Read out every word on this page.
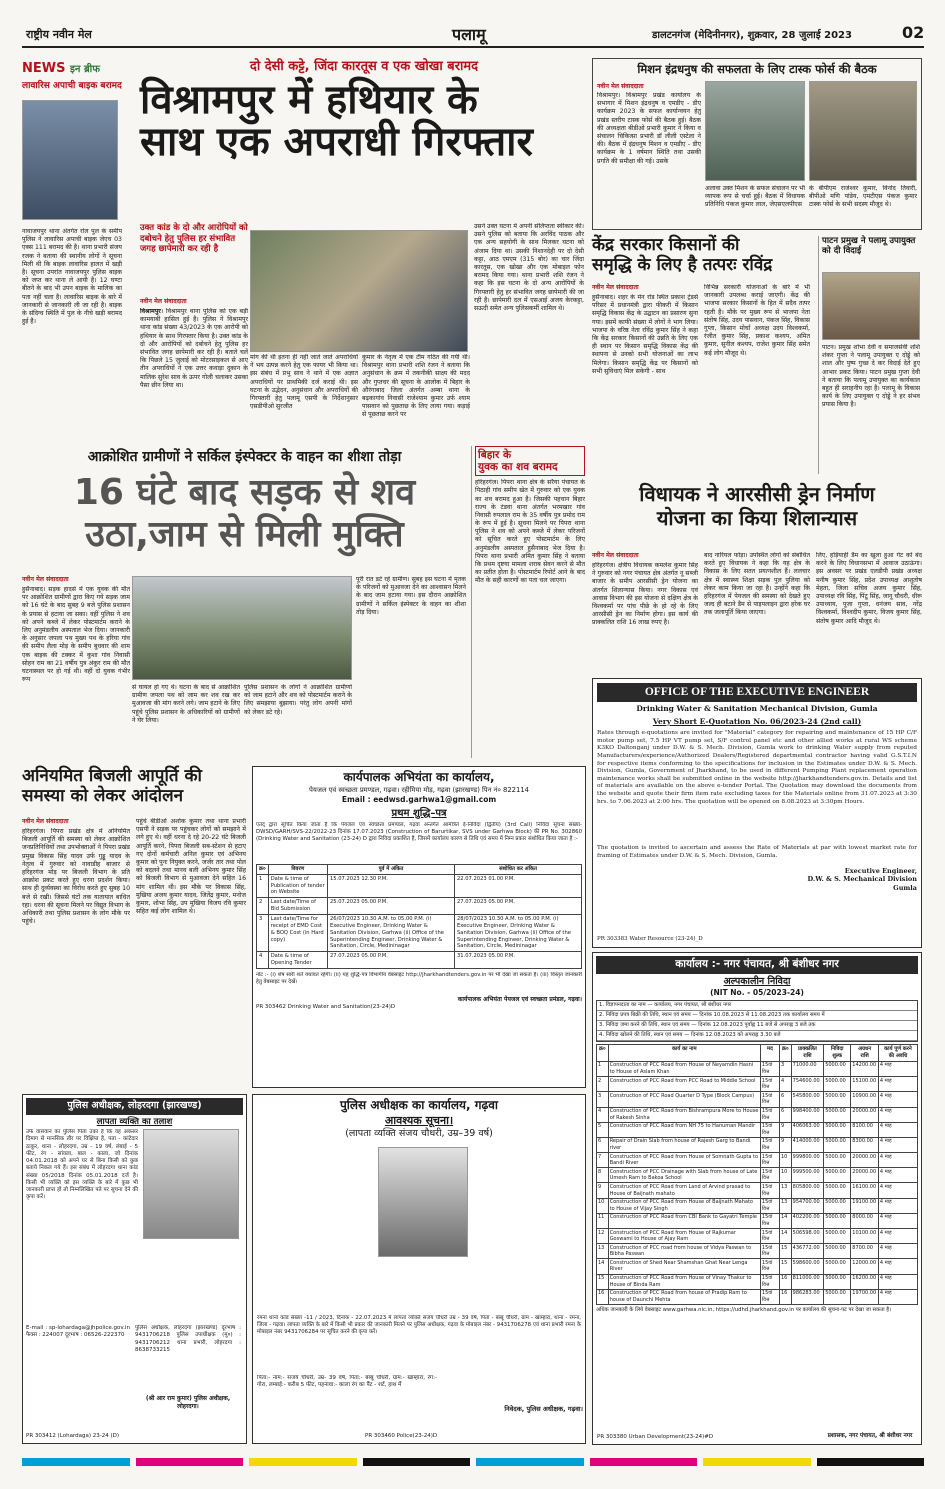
राष्ट्रीय नवीन मेल	पलामू	डालटनगंज (मेदिनीनगर), शुक्रवार, 28 जुलाई 2023	02
NEWS इन ब्रीफ
लावारिस अपाची बाइक बरामद
नावाजयपुर थाना अंतर्गत रोल पुल के समीप पुलिस ने लावारिस अपाची बाइक जेएच 03 एक्स 111 बरामद की है। थाना प्रभारी संजय रजक ने बताया की स्थानीय लोगों ने सूचना मिली थी कि बाइक लावारिस हालत में खड़ी है। सूचना उपरांत नावाजयपुर पुलिस बाइक को जप्त कर थाना ले आयी है। 12 घण्टा बीतने के बाद भी उपन बाइक के मालिक का पता नहीं चला है। लावारिस बाइक के बारे में जानकारी से जानकारी ली जा रही है। बाइक के संदिग्ध स्थिति में पुल के नीचे खड़ी बरामद हुई है।
दो देसी कट्टे, जिंदा कारतूस व एक खोखा बरामद
विश्रामपुर में हथियार के
साथ एक अपराधी गिरफ्तार
उक्त कांड के दो और आरोपियों को दबोचने हेतु पुलिस हर संभावित जगह छापेमारी कर रही है
नवीन मेल संवाददाता
विश्रामपुर। विश्रामपुर थाना पुलिस को एक बड़ी कामयाबी हासिल हुई है। पुलिस ने विश्रामपुर थाना कांड संख्या 43/2023 के एक आरोपी को हथियार के साथ गिरफ्तार किया है। उक्त कांड के दो और आरोपियों को दबोचने हेतु पुलिस हर संभावित जगह छापेमारी कर रही है। बताते चलें कि पिछले 15 जुलाई को मोटरसाइकल से आए तीन अपराधियों ने एक उत्तर कवाड़ा दुकान के मालिक सुरेश साव के ऊपर गोली चलाकर उसका पैसा छीन लिया था।
मांग की थी इतना ही नहीं जाते जाते अपराधियों ने भय उत्पन्न करने हेतु एक फायर भी किया था। इस संबंध में प्रभु साव ने थाने में एक अज्ञात अपराधियों पर प्राथमिकी दर्ज कराई थी। इस घटना के उद्भेदन, अनुसंधान और अपराधियों की गिरफ्तारी हेतु पलामू एसपी के निर्देशानुसार एसडीपीओ सुरजीत
कुमार के नेतृत्व में एक टीम गठित की गयी थी। विश्रामपुर थाना प्रभारी शशि रंजन ने बताया कि अनुसंधान के क्रम में तकनीकी साक्ष्य की मदद और गुप्तचर की सूचना के आलोक में बिहार के औरंगाबाद जिला अंतर्गत अम्बा थाना के बढ़कागांव निवासी राजेश्याम कुमार उर्फ श्याम पासवान को पुछताछ के लिए लाया गया। कड़ाई से पूछताछ करने पर
उसने उक्त घटना में अपनी संलिप्तता स्वीकार की। उसने पुलिस को बताया कि अरविंद पाठक और एक अन्य सहयोगी के साथ मिलकर घटना को अंजाम दिया था। उसकी निशानदेही पर दो देसी कट्टा, आठ एमएम (315 बोर) का चार जिंदा कारतूस, एक खोखा और एक मोबाइल फोन बरामद किया गया। थाना प्रभारी शशि रंजन ने कहा कि इस घटना के दो अन्य आरोपियों के गिरफ्तारी हेतु हर संभावित जगह छापेमारी की जा रही है। छापेमारी दल में एसआई अजय केरकट्टा, सऊदी समेत अन्य पुलिसकर्मी शामिल थे।
मिशन इंद्रधनुष की सफलता के लिए टास्क फोर्स की बैठक
नवीन मेल संवाददाता
विश्रामपुर। विश्रामपुर प्रखंड कार्यालय के सभागार में मिशन इंद्रधनुष व एमडीए - डीए कार्यक्रम 2023 के सफल कार्यान्वयन हेतु प्रखंड स्तरीय टास्क फोर्स की बैठक हुई। बैठक की अध्यक्षता बीडीओ प्रभारी कुमार ने किया व संचालन चिकित्सा प्रभारी डॉ लीली एस्टेला ने की। बैठक में इंद्रधनुष मिशन व एमडीए - डीए कार्यक्रम के 1 वर्षमान स्थिति तथा उसकी प्रगति की समीक्षा की गई। उसके
अलावा उक्त मिशन के सफल संचालन पर भी व्यापक रूप से चर्चा हुई। बैठक में विधायक प्रतिनिधि पंकज कुमार लाल, जेएसएलपीएस
के बीपीएम राजेश्वर कुमार, विनोद तिवारी, बीपीओ मणि पांडेय, एमटीएस पंकज कुमार टास्क फोर्स के सभी सदस्य मौजूद थे।
केंद्र सरकार किसानों की
समृद्धि के लिए है तत्परः रविंद्र
नवीन मेल संवाददाता
हुसैनाबाद। शहर के मेन रोड स्थित प्रकाश ट्रेडर्स परिसर में प्रधानमंत्री द्वारा फीकरी में किसान समृद्धि विकास केंद्र के उद्घाटन का प्रसारण सुना गया। इसमें काफी संख्या में लोगों ने भाग लिया। भाजपा के वरिष्ठ नेता रविंद्र कुमार सिंह ने कहा कि केंद्र सरकार किसानों की उन्नति के लिए एक ही स्थान पर किसान समृद्धि विकास केंद्र की स्थापना से उनको सभी योजनाओं का लाभ मिलेगा। किसान समृद्धि केंद्र पर किसानों को सभी सुविधाएं मिल सकेगी - साथ
विभिन्न सरकारी योजनाओं के बारे में भी जानकारी उपलब्ध कराई जाएगी। केंद्र की भाजपा सरकार किसानों के हित में सदैव तत्पर रहती है। मौके पर मुख्य रूप से भाजपा नेता संतोष सिंह, उदय पासवान, पंकज सिंह, विकास गुप्ता, किसान मोर्चा अध्यक्ष उदय विश्वकर्मा, रंजीत कुमार सिंह, प्रकाश कश्यप, अमित कुमार, सुनील कश्यप, राजेश कुमार सिंह समेत कई लोग मौजूद थे।
पाटन प्रमुख ने पलामू उपायुक्त को दी विदाई
पाटन। प्रमुख शोभा देवी व समाजसेवी शशि शंकर गुप्ता ने पलामू उपायुक्त ए दोड्डे को शाल और पुष्प गुच्छ दे कर विदाई देते हुए आभार प्रकट किया। पाटन प्रमुख गुप्ता देवी ने बताया कि पलामू उपायुक्त का कार्यकाल बहुत ही सराहनीय रहा है। पलामू के विकास कार्य के लिए उपायुक्त ए दोड्डे ने हर संभव प्रयास किया है।
आक्रोशित ग्रामीणों ने सर्किल इंस्पेक्टर के वाहन का शीशा तोड़ा
16 घंटे बाद सड़क से शव
उठा,जाम से मिली मुक्ति
नवीन मेल संवाददाता
हुसैनाबाद। सड़क हादसे में एक युवक की मौत पर आक्रोशित ग्रामीणों द्वारा किए गये सड़क जाम को 16 घंटे के बाद सुबह 9 बजे पुलिस प्रशासन के प्रयास से हटाया जा सका। वहीं पुलिस ने शव को अपने कब्जे में लेकर पोस्टमार्टम कराने के लिए अनुमंडलीय अस्पताल भेज दिया। जानकारी के अनुसार जपला पथ मुख्य पथ के हरिया गांव की समीप लैला मोड़ के समीप बुधवार की शाम एक बाइक की टक्कर में कुशा गांव निवासी सोहन राम का 21 वर्षीय पुत्र अंकुर राम की मौत घटनास्थल पर हो गई थी। वहीं दो युवक गंभीर रूप
से घायल हो गए थे। घटना के बाद से आक्रोशित ग्रामीण जपला पथ को जाम कर शव रख कर मुआवजा की मांग करने लगे। जाम हटाने के लिए पहुंचे पुलिस प्रशासन के अधिकारियों को ग्रामीणों ने घेर लिया।
पुलिस प्रशासन के लोगों ने आक्रोशित ग्रामीणों को जाम हटाने और शव को पोस्टमार्टम कराने के लिए समझाया बुझाया। परंतु लोग अपनी मांगों को लेकर डटे रहे।
पूरी रात डटे रहे ग्रामीण। सुबह इस घटना में मृतक के परिजनों को मुआवजा देने का आश्वासन मिलने के बाद जाम हटाया गया। इस दौरान आक्रोशित ग्रामीणों ने सर्किल इंस्पेक्टर के वाहन का शीशा तोड़ दिया।
बिहार के
युवक का शव बरामद
हरिहरगंज। पिपरा थाना क्षेत्र के सरैया पंचायत के पिठाही गांव समीप खेत में गुरुवार को एक युवक का शव बरामद हुआ है। जिसकी पहचान बिहार राज्य के टंडवा थाना अंतर्गत भरमखार गांव निवासी रुपलाल राम के 35 वर्षीय पुत्र प्रमोद राम के रूप में हुई है। सूचना मिलने पर पिपरा थाना पुलिस ने शव को अपने कब्जे में लेकर परिजनों को सूचित करते हुए पोस्टमार्टम के लिए अनुमंडलीय अस्पताल हुसैनाबाद भेज दिया है। पिपरा थाना प्रभारी अमित कुमार सिंह ने बताया कि प्रथम दृष्टया मामला शराब सेवन करने से मौत का प्रतीत होता है। पोस्टमार्टम रिपोर्ट आने के बाद मौत के सही कारणों का पता चल जाएगा।
विधायक ने आरसीसी ड्रेन निर्माण
योजना का किया शिलान्यास
नवीन मेल संवाददाता
हरिहरगंज। क्षेत्रीय विधायक कमलेश कुमार सिंह ने गुरुवार को नगर पंचायत क्षेत्र अंतर्गत नू सब्जी बाजार के समीप आरसीसी ड्रेन योजना का अंतर्गत शिलान्यास किया। नगर विकास एवं आवास विभाग की इस योजना से दक्षिण क्षेत्र के विश्वकर्मा पर पांच पीछे के हो रहे के लिए आरसीसी ड्रेन का निर्माण होगा। इस कार्य की प्राक्कलित राशि 16 लाख रुपए है।
बाद नारियल फोड़ा। उपस्थित लोगों को संबोधित करते हुए विधायक ने कहा कि यह क्षेत्र के विकास के लिए सतत प्रयत्नशील हैं। ललचार क्षेत्र में स्वास्थ्य शिक्षा सड़क पुल पुलिया को लेकर काम किया जा रहा है। उन्होंने कहा कि हरिहरगंज में पेयजल की समस्या को देखते हुए जल्द ही बटाने डैम से पाइपलाइन द्वारा हरेक घर तक जलापूर्ति किया जाएगा।
लिए, हड़ियाही डैम का खुला हुआ गेट को बंद करने के लिए विधानसभा में आवाज उठाऊंगा। इस अवसर पर प्रखंड एलडीपी प्रखंड अध्यक्ष मनीष कुमार सिंह, प्रदेश उपाध्यक्ष आशुतोष मेहता, जिला सचिव अजय कुमार सिंह, उपाध्यक्ष रवि सिंह, पिंटू सिंह, जानू चौधरी, धीरू उपाध्याय, पूजा गुप्ता, धनंजय साव, नरेंद्र विश्वकर्मा, विश्वदीप कुमार, विजय कुमार सिंह, संतोष कुमार आदि मौजूद थे।
OFFICE OF THE EXECUTIVE ENGINEER
Drinking Water & Sanitation Mechanical Division, Gumla
Very Short E-Quotation No. 06/2023-24 (2nd call)
Rates through e-quotations are invited for "Material" category for repairing and maintenance of 15 HP C/F motor pump set, 7.5 HP VT pump set, S/F control panel etc and other allied works at rural WS scheme K3KO Daltonganj under D.W. & S. Mech. Division, Gumla work to drinking Water supply from reputed Manufacturers/experience/Authorized Dealers/Registered departmental contractor having valid G.S.T.I.N for respective items conforming to the specifications for inclusion in the Estimates under D.W. & S. Mech. Division, Gumla, Government of Jharkhand, to be used in different Pumping Plant replacement operation maintenance works shall be submitted online in the website http://jharkhandtenders.gov.in. Details and list of materials are available on the above e-tender Portal. The Quotation may download the documents from the website and quote their firm item rate excluding taxes for the Materials online from 31.07.2023 at 3:30 hrs. to 7.06.2023 at 2:00 hrs. The quotation will be opened on 8.08.2023 at 3:30pm Hours.
The quotation is invited to ascertain and assess the Rate of Materials at par with lowest market rate for framing of Estimates under D.W. & S. Mech. Division, Gumla.
Executive Engineer,
D.W. & S. Mechanical Division
Gumla
PR 303383 Water Resource (23-24)_D
अनियमित बिजली आपूर्ति की
समस्या को लेकर आंदोलन
नवीन मेल संवाददाता
हरिहरगंज। पिपरा प्रखंड क्षेत्र में अनियमित बिजली आपूर्ति की समस्या को लेकर आक्रोशित जनप्रतिनिधियों तथा उपभोक्ताओं ने पिपरा प्रखंड प्रमुख विकास सिंह यादव उर्फ गुड्डू यादव के नेतृत्व में गुरुवार को नावाडीह बाजार से हरिहरगंज मोड़ पर बिजली विभाग के प्रति आक्रोश प्रकट करते हुए धरना प्रदर्शन किया। साथ ही दुर्व्यवस्था का विरोध करते हुए सुबह 10 बजे से रखी। जिससे घंटों तक यातायात बाधित रहा। धरना की सूचना मिलने पर विद्युत विभाग के अधिकारी तथा पुलिस प्रशासन के लोग मौके पर पहुंचे।
पहुंचे बीडीओ अशोक कुमार तथा थाना प्रभारी एसपी ने सड़क पर पहुंचकर लोगों को समझाने में लगे हुए थे। वहीं धरना दे रहे 20-22 घंटे बिजली आपूर्ति करने, पिपरा बिजली सब-स्टेशन से हटाए गए दोनों कर्मचारी अनिल कुमार एवं अभिनय कुमार को पुनः नियुक्त करने, जर्जर तार तथा पोल को बदलने तथा मानव बली अभिनय कुमार सिंह को बिजली विभाग से मुआवजा देने सहित 16 मांग शामिल थी। इस मौके पर विकास सिंह, मुखिया अजय कुमार यादव, जितेंद्र कुमार, मनोज कुमार, शोभा सिंह, उप मुखिया विजय रवि कुमार सहित कई लोग शामिल थे।
कार्यपालक अभियंता का कार्यालय,
पेयजल एवं स्वच्छता प्रमण्डल, गढ़वा। रहीमिया मोड़, गढ़वा (झारखण्ड) पिन नं० 822114
Email : eedwsd.garhwa1@gmail.com
प्रथम शुद्धि–पत्र
एतद् द्वारा सूचित किया जाता है कि पेयजल एवं स्वच्छता प्रमण्डल, गढ़वा अन्तर्गत आमंत्रित ई-निविदा (द्वितीय) (3rd Call) निविदा सूचना संख्या-DWSD/GARH/SVS-22/2022-23 दिनांक 17.07.2023 (Construction of Barurtikar, SVS under Garhwa Block) की PR No. 302860 (Drinking Water and Sanitation (23-24) D द्वारा निविदा प्रकाशित है, जिसमें कार्यालय कारण से तिथि एवं समय में निम्न प्रकार संशोधित किया जाता है :-
क्र०	विवरण	पूर्व में अंकित	संशोधित कर अंकित
1	Date & time of Publication of tender on Website	15.07.2023 12.30 P.M.	22.07.2023 01.00 P.M.
2	Last date/Time of Bid Submission	25.07.2023 05.00 P.M.	27.07.2023 05.00 P.M.
3	Last date/Time for receipt of EMD Cost & BOQ Cost (in Hard copy)	26/07/2023 10.30 A.M. to 05.00 P.M. (i) Executive Engineer, Drinking Water & Sanitation Division, Garhwa (ii) Office of the Superintending Engineer, Drinking Water & Sanitation, Circle, Medininagar	28/07/2023 10.30 A.M. to 05.00 P.M. (i) Executive Engineer, Drinking Water & Sanitation Division, Garhwa (ii) Office of the Superintending Engineer, Drinking Water & Sanitation, Circle, Medininagar
4	Date & time of Opening Tender	27.07.2023 05.00 P.M.	31.07.2023 05.00 P.M.
नोट :- (i) शेष सारी शर्तें यथावत रहेगी। (ii) यह शुद्धि-पत्र विभागीय वेबसाइट http://jharkhandtenders.gov.in पर भी देखा जा सकता है। (iii) विस्तृत जानकारी हेतु वेबसाइट पर देखें।
कार्यपालक अभियंता पेयजल एवं स्वच्छता प्रमंडल, गढ़वा।
PR 303462 Drinking Water and Sanitation(23-24)D
कार्यालय :- नगर पंचायत, श्री बंशीधर नगर
अल्पकालीन निविदा
(NIT No. - 05/2023-24)
1. विज्ञापनदाता का नाम — कार्यालय, नगर पंचायत, श्री बंशीधर नगर
2. निविदा प्रपत्र बिक्री की तिथि, स्थान एवं समय — दिनांक 10.08.2023 से 11.08.2023 तक कार्यालय समय में
3. निविदा जमा करने की तिथि, स्थान एवं समय — दिनांक 12.08.2023 पूर्वाह्न 11 बजे से अपराह्न 3 बजे तक
4. निविदा खोलने की तिथि, स्थान एवं समय — दिनांक 12.08.2023 को अपराह्न 3.30 बजे
क्र०	कार्य का नाम	मद	क्र०	प्राक्कलित राशि	निविदा शुल्क	अग्रधन राशि	कार्य पूर्ण करने की अवधि
1	Construction of PCC Road from House of Neyamdin Hasni to House of Aslam Khan	15वां वित्त	3	71000.00	5000.00	14200.00	4 माह
2	Construction of PCC Road from PCC Road to Middle School	15वां वित्त	4	754600.00	5000.00	15100.00	4 माह
3	Construction of PCC Road Quarter D Type (Block Campus)	15वां वित्त	6	545800.00	5000.00	10900.00	4 माह
4	Construction of PCC Road from Bishrampura More to House of Rakesh Sinha	15वां वित्त	6	998400.00	5000.00	20000.00	4 माह
5	Construction of PCC Road from NH 75 to Hanuman Mandir	15वां वित्त	9	406063.00	5000.00	8100.00	4 माह
6	Repair of Drain Slab from house of Rajesh Garg to Bandi river	15वां वित्त	9	414000.00	5000.00	8300.00	4 माह
7	Construction of PCC Road from House of Somnath Gupta to Bandi River	15वां वित्त	10	999800.00	5000.00	20000.00	4 माह
8	Construction of PCC Drainage with Slab from house of Late Umesh Ram to Bakoa School	15वां वित्त	10	999500.00	5000.00	20000.00	4 माह
9	Construction of PCC Road from Land of Arvind prasad to House of Baijnath mahato	15वां वित्त	13	805800.00	5000.00	16100.00	4 माह
10	Construction of PCC Road from House of Baijnath Mahato to House of Vijay Singh	15वां वित्त	13	954700.00	5000.00	19100.00	4 माह
11	Construction of PCC Road from CBI Bank to Gayatri Temple	15वां वित्त	14	402200.00	5000.00	8000.00	4 माह
12	Construction of PCC Road from House of Rajkumar Goswami to House of Ajay Ram	15वां वित्त	14	506598.00	5000.00	10100.00	4 माह
13	Construction of PCC road from house of Vidya Paswan to Bibha Paswan	15वां वित्त	15	436772.00	5000.00	8700.00	4 माह
14	Construction of Shed Near Shamshan Ghat Near Lenga River	15वां वित्त	15	598600.00	5000.00	12000.00	4 माह
15	Construction of PCC Road from House of Vinay Thakur to House of Binda Ram	15वां वित्त	16	811000.00	5000.00	16200.00	4 माह
16	Construction of PCC Road from house of Pradip Ram to house of Daunchi Mehta	15वां वित्त	16	986283.00	5000.00	19700.00	4 माह
अधिक जानकारी के लिये वेबसाइट www.garhwa.nic.in, https://udhd.jharkhand.gov.in पर कार्यालय की सूचना-पट पर देखा जा सकता है।
PR 303380 Urban Development(23-24)#D	प्रशासक, नगर पंचायत, श्री बंशीधर नगर
पुलिस अधीक्षक, लोहरदगा (झारखण्ड)
लापता व्यक्ति का तलाश
उर्फ वासवान का पुलिस पिता उका है कि वह अकसर दिमाग से मानसिक तौर पर विक्षिप्त है, पता - कांटेदार ठाकुर, थाना - लोहरदगा, उम्र - 19 वर्ष, लंबाई - 5 फीट, रंग - सांवला, बाल - काला, जो दिनांक 04.01.2018 को अपने घर से बिना किसी को कुछ बताये निकल गये हैं। इस संबंध में लोहरदगा थाना कांड संख्या 05/2018 दिनांक 05.01.2018 दर्ज है। किसी भी व्यक्ति को इस व्यक्ति के बारे में कुछ भी जानकारी प्राप्त हो तो निम्नलिखित पते पर सूचना देने की कृपा करें।
E-mail : sp-lohardaga@jhpolice.gov.in फैक्स : 224007 दूरभाष : 06526-222370
पुलिस अधीक्षक, लोहरदगा (झारखण्ड) दूरभाष : 9431706218 पुलिस उपाधीक्षक (मु०) : 9431706212 थाना प्रभारी, लोहरदगा : 8638733215
(श्री आर राम कुमार) पुलिस अधीक्षक, लोहरदगा।
PR 303412 (Lohardaga) 23-24 (D)
पुलिस अधीक्षक का कार्यालय, गढ़वा
आवश्यक सूचना।
(लापता व्यक्ति संजय चौधरी, उम्र–39 वर्ष)
रमना थाना कांड संख्या -11 / 2023, दिनांक - 22.07.2023 में लापता व्यक्ति संजय चौधरी उम्र - 39 वर्ष, पिता - बब्बू चौधरी, ग्राम - खाम्हारा, थाना - रमना, जिला - गढ़वा। लापता व्यक्ति के बारे में किसी भी प्रकार की जानकारी मिलने पर पुलिस अधीक्षक, गढ़वा के मोबाइल नंबर - 9431706278 एवं थाना प्रभारी रमना के मोबाइल नंबर 9431706284 पर सूचित करने की कृपा करें।
पिता:- नाम:- संजय चौधरी, उम्र- 39 वर्ष, पिता:- बब्बू चौधरी, ग्राम:- खाम्हारा, रंग:- गोरा, लम्बाई:- करीब 5 फीट, पहनावा:- काला रंग का पैंट - शर्ट, हाथ में
निवेदक, पुलिस अधीक्षक, गढ़वा।
PR 303460 Police(23-24)D
